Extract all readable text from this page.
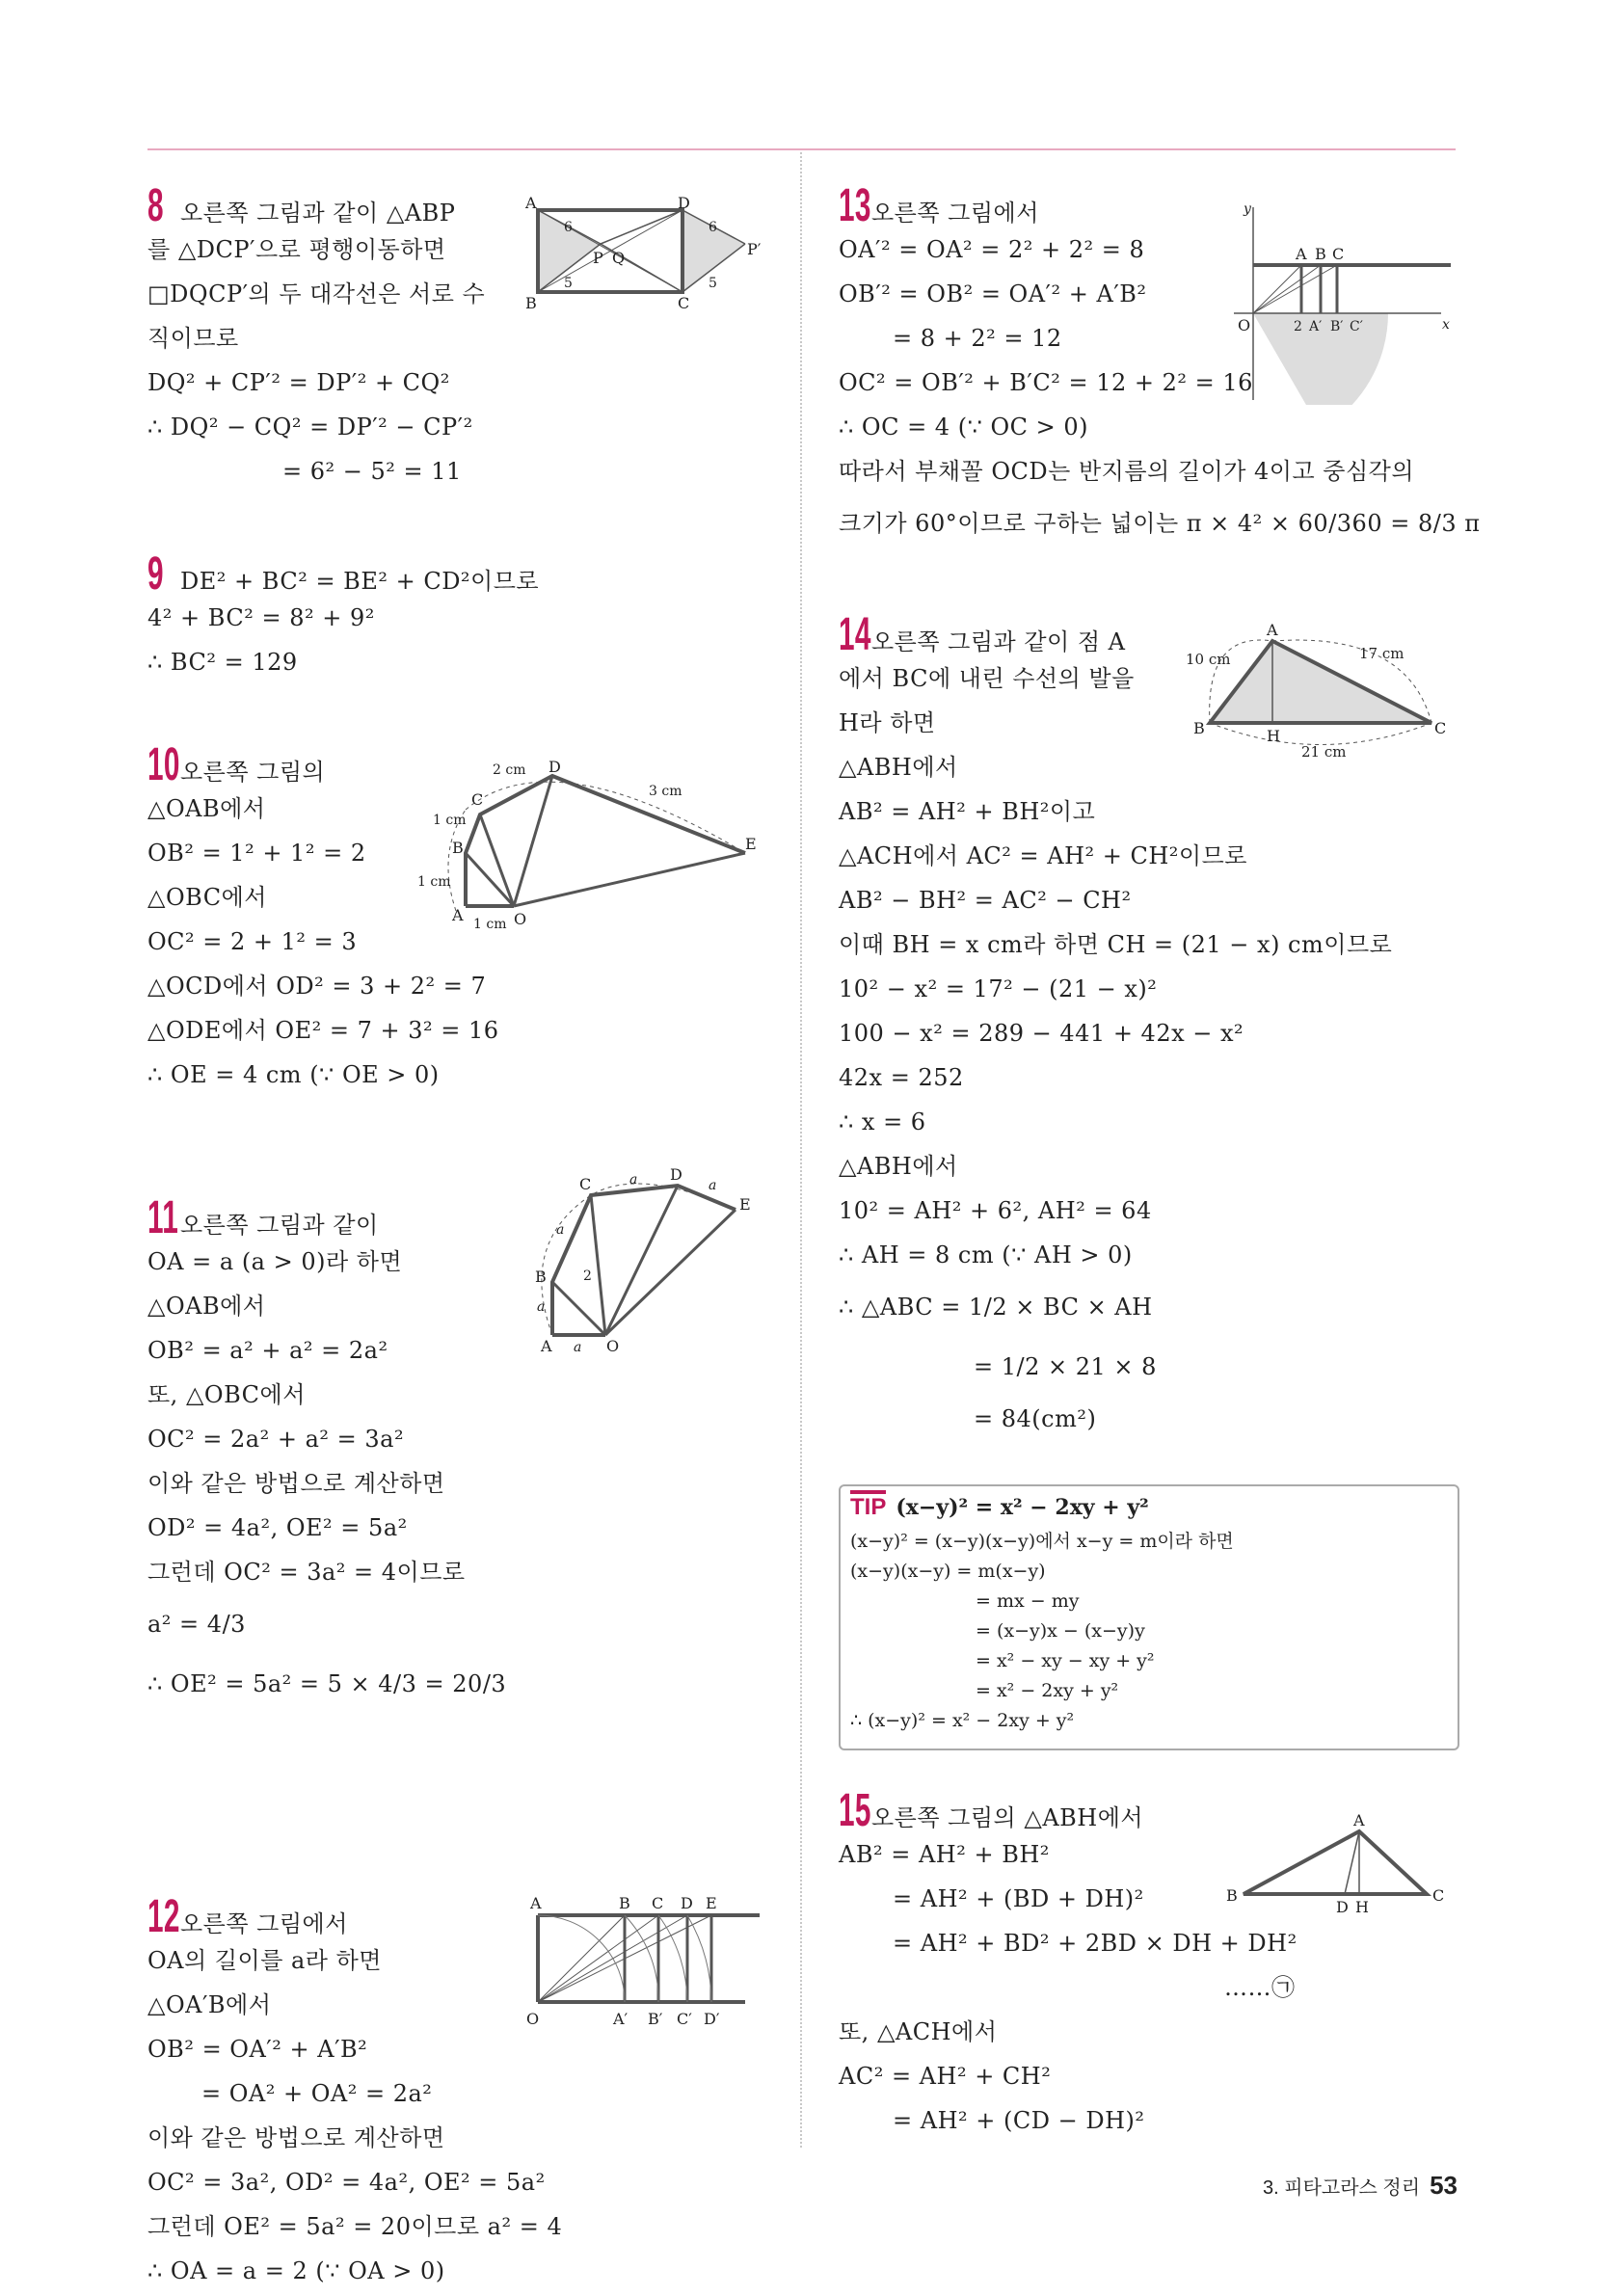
8 오른쪽 그림과 같이 △ABP
를 △DCP′으로 평행이동하면
□DQCP′의 두 대각선은 서로 수
직이므로
DQ² + CP′² = DP′² + CQ²
∴ DQ² − CQ² = DP′² − CP′²
= 6² − 5² = 11
A	D
B	C
P Q	P′
6	6
5	5
9 DE² + BC² = BE² + CD²이므로
4² + BC² = 8² + 9²
∴ BC² = 129
10오른쪽 그림의
△OAB에서
OB² = 1² + 1² = 2
△OBC에서
OC² = 2 + 1² = 3
△OCD에서 OD² = 3 + 2² = 7
△ODE에서 OE² = 7 + 3² = 16
∴ OE = 4 cm (∵ OE > 0)
A
B
C
D
E
O
1 cm
1 cm
1 cm
2 cm
3 cm
11오른쪽 그림과 같이
OA = a (a > 0)라 하면
△OAB에서
OB² = a² + a² = 2a²
또, △OBC에서
OC² = 2a² + a² = 3a²
이와 같은 방법으로 계산하면
OD² = 4a², OE² = 5a²
그런데 OC² = 3a² = 4이므로
a² = 4/3
∴ OE² = 5a² = 5 × 4/3 = 20/3
A
B
C
D
E
O
a
a
a
a	a
2
12오른쪽 그림에서
OA의 길이를 a라 하면
△OA′B에서
OB² = OA′² + A′B²
= OA² + OA² = 2a²
이와 같은 방법으로 계산하면
OC² = 3a², OD² = 4a², OE² = 5a²
그런데 OE² = 5a² = 20이므로 a² = 4
∴ OA = a = 2 (∵ OA > 0)
A	B C D E
O	A′ B′ C′ D′
13오른쪽 그림에서
OA′² = OA² = 2² + 2² = 8
OB′² = OB² = OA′² + A′B²
= 8 + 2² = 12
OC² = OB′² + B′C² = 12 + 2² = 16
∴ OC = 4 (∵ OC > 0)
따라서 부채꼴 OCD는 반지름의 길이가 4이고 중심각의
크기가 60°이므로 구하는 넓이는 π × 4² × 60/360 = 8/3 π
y
x
O
A B C
2 A′ B′ C′
14오른쪽 그림과 같이 점 A
에서 BC에 내린 수선의 발을
H라 하면
△ABH에서
AB² = AH² + BH²이고
△ACH에서 AC² = AH² + CH²이므로
AB² − BH² = AC² − CH²
이때 BH = x cm라 하면 CH = (21 − x) cm이므로
10² − x² = 17² − (21 − x)²
100 − x² = 289 − 441 + 42x − x²
42x = 252
∴ x = 6
△ABH에서
10² = AH² + 6², AH² = 64
∴ AH = 8 cm (∵ AH > 0)
∴ △ABC = 1/2 × BC × AH
= 1/2 × 21 × 8
= 84(cm²)
A
B	C
H
10 cm	17 cm
21 cm
TIP (x−y)² = x² − 2xy + y²
(x−y)² = (x−y)(x−y)에서 x−y = m이라 하면
(x−y)(x−y) = m(x−y)
= mx − my
= (x−y)x − (x−y)y
= x² − xy − xy + y²
= x² − 2xy + y²
∴ (x−y)² = x² − 2xy + y²
15오른쪽 그림의 △ABH에서
AB² = AH² + BH²
= AH² + (BD + DH)²
= AH² + BD² + 2BD × DH + DH²
……㉠
또, △ACH에서
AC² = AH² + CH²
= AH² + (CD − DH)²
A
B	C
D H
3. 피타고라스 정리 53
